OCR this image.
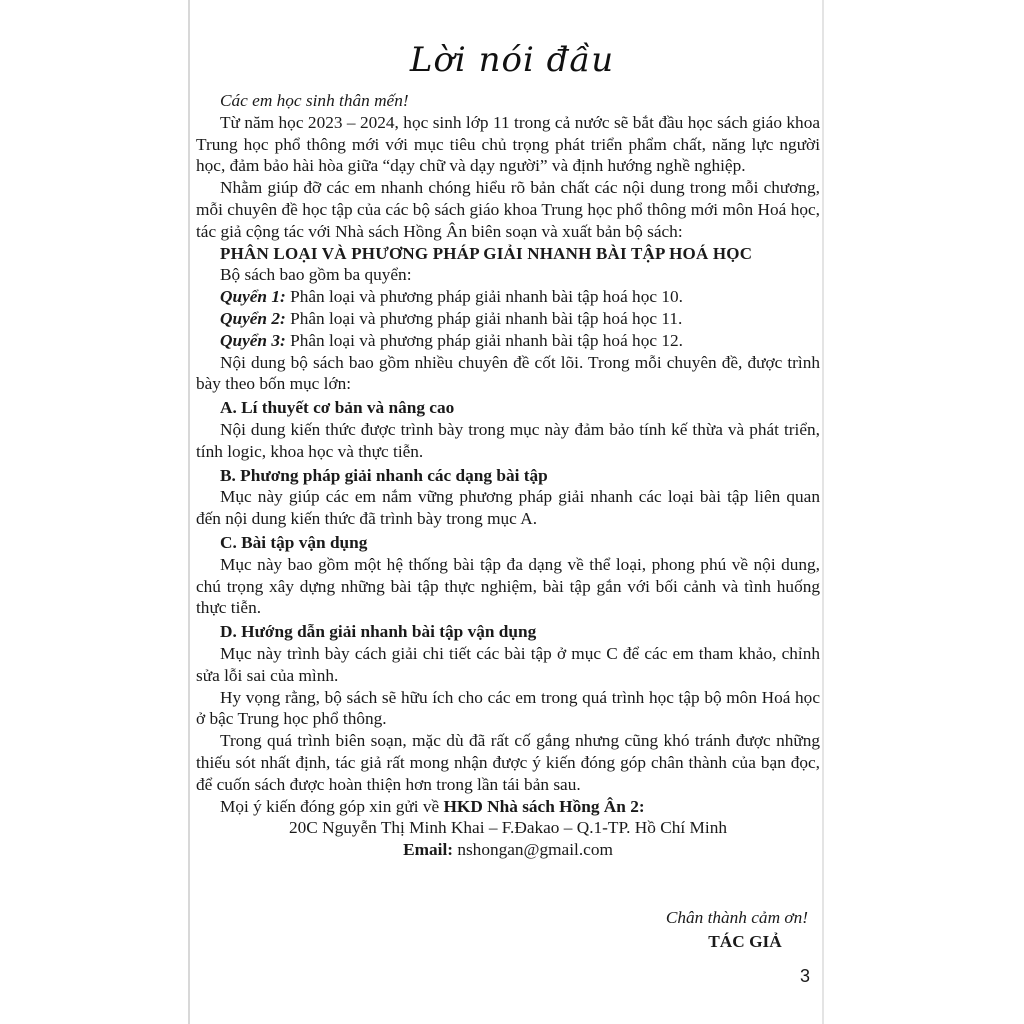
Lời nói đầu

Các em học sinh thân mến!

Từ năm học 2023 – 2024, học sinh lớp 11 trong cả nước sẽ bắt đầu học sách giáo khoa Trung học phổ thông mới với mục tiêu chủ trọng phát triển phẩm chất, năng lực người học, đảm bảo hài hòa giữa “dạy chữ và dạy người” và định hướng nghề nghiệp.

Nhằm giúp đỡ các em nhanh chóng hiểu rõ bản chất các nội dung trong mỗi chương, mỗi chuyên đề học tập của các bộ sách giáo khoa Trung học phổ thông mới môn Hoá học, tác giả cộng tác với Nhà sách Hồng Ân biên soạn và xuất bản bộ sách:

PHÂN LOẠI VÀ PHƯƠNG PHÁP GIẢI NHANH BÀI TẬP HOÁ HỌC

Bộ sách bao gồm ba quyển:

Quyển 1: Phân loại và phương pháp giải nhanh bài tập hoá học 10.

Quyển 2: Phân loại và phương pháp giải nhanh bài tập hoá học 11.

Quyển 3: Phân loại và phương pháp giải nhanh bài tập hoá học 12.

Nội dung bộ sách bao gồm nhiều chuyên đề cốt lõi. Trong mỗi chuyên đề, được trình bày theo bốn mục lớn:

A. Lí thuyết cơ bản và nâng cao

Nội dung kiến thức được trình bày trong mục này đảm bảo tính kế thừa và phát triển, tính logic, khoa học và thực tiễn.

B. Phương pháp giải nhanh các dạng bài tập

Mục này giúp các em nắm vững phương pháp giải nhanh các loại bài tập liên quan đến nội dung kiến thức đã trình bày trong mục A.

C. Bài tập vận dụng

Mục này bao gồm một hệ thống bài tập đa dạng về thể loại, phong phú về nội dung, chú trọng xây dựng những bài tập thực nghiệm, bài tập gắn với bối cảnh và tình huống thực tiễn.

D. Hướng dẫn giải nhanh bài tập vận dụng

Mục này trình bày cách giải chi tiết các bài tập ở mục C để các em tham khảo, chỉnh sửa lỗi sai của mình.

Hy vọng rằng, bộ sách sẽ hữu ích cho các em trong quá trình học tập bộ môn Hoá học ở bậc Trung học phổ thông.

Trong quá trình biên soạn, mặc dù đã rất cố gắng nhưng cũng khó tránh được những thiếu sót nhất định, tác giả rất mong nhận được ý kiến đóng góp chân thành của bạn đọc, để cuốn sách được hoàn thiện hơn trong lần tái bản sau.

Mọi ý kiến đóng góp xin gửi về HKD Nhà sách Hồng Ân 2:

20C Nguyễn Thị Minh Khai – F.Đakao – Q.1-TP. Hồ Chí Minh

Email: nshongan@gmail.com

Chân thành cảm ơn!
TÁC GIẢ
3
